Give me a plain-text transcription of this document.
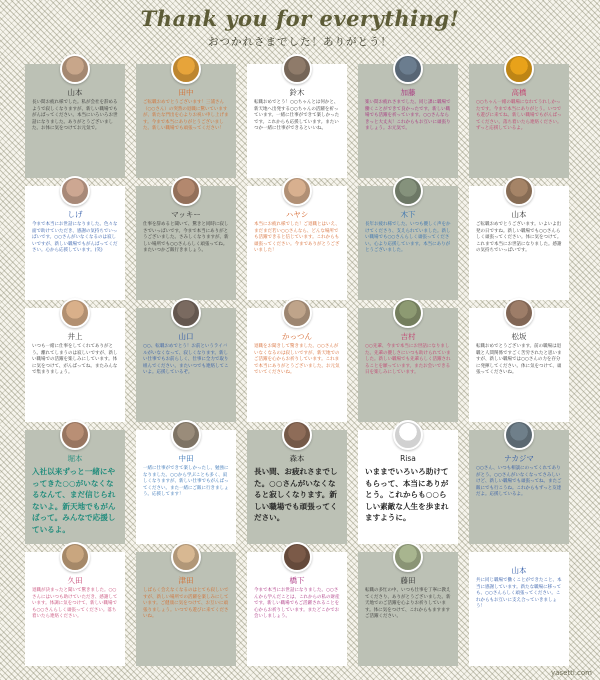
Thank you for everything!
おつかれさまでした！ありがとう！
山本
長い間お疲れ様でした。私が会社を辞めるようで寂しくなりますが、新しい職場でもがんばってください。本当にいろいろお世話になりました。ありがとうございました。お体に気をつけてお元気で。
田中
ご転職おめでとうございます！三浦さん（○○さん）の突然の退職に驚いていますが、新たな門出を心よりお祝い申し上げます。今まで本当にありがとうございました。新しい職場でも頑張ってください！
鈴木
転職おめでとう！○○ちゃんとは何かと、新天地へ出発する○○ちゃんの活躍を祈っています。一緒に仕事ができて楽しかったです。これからも応援しています。またいつか一緒に仕事ができるといいね。
加藤
楽い間お疲れさまでした。同じ課に職場で働くことができて良かったです。新しい職場でも活躍を祈っています。○○さんならきっと大丈夫！これからもお互いに頑張りましょう。お元気で。
高橋
○○ちゃん一緒の職場になれてうれしかったです。今まで本当にありがとう。いつでも遊びに来てね。新しい職場でもがんばってください。落ち着いたら連絡ください。ずっと応援しているよ。
しげ
今まで本当にお世話になりました。色々な面で助けていただき、感謝の気持ちでいっぱいです。○○さんがいなくなるのは寂しいですが、新しい職場でもがんばってください。心から応援しています。(笑)
マッキー
仕事を辞めると聞いて、驚きと同時に寂しさでいっぱいです。今まで本当にありがとうございました。さみしくなりますが、新しい場所でも○○さんらしく頑張ってね。またいつかご飯行きましょう。
ハヤシ
本当にお疲れ様でした！ご退職とはいえ、まだまだ若い○○さんなら、どんな場所でも活躍できると信じています。これからも頑張ってください。今までありがとうございました！
木下
長年お疲れ様でした。いつも優しく声をかけてくださり、支えられていました。新しい職場でも○○さんらしく頑張ってください。心より応援しています。本当にありがとうございました。
山本
ご転職おめでとうございます。いよいよ出発の日ですね。新しい職場でも○○さんらしく頑張ってください。体に気をつけて。これまで本当にお世話になりました。感謝の気持ちでいっぱいです。
井上
いつも一緒に仕事をしてくれてありがとう。離れてしまうのは寂しいですが、新しい職場での活躍を楽しみにしています。体に気をつけて、がんばってね。またみんなで集まりましょう。
山口
○○、転職おめでとう！お前というライバルがいなくなって、寂しくなります。新しい仕事でもお前らしく、仕事に全力で取り組んでください。またいつでも連絡してこいよ。応援しているぞ。
かっつん
退職をお聞きして驚きました。○○さんがいなくなるのは寂しいですが、新天地でのご活躍を心からお祈りしています。これまで本当にありがとうございました。お元気でいてくださいね。
吉村
○○先輩、今まで本当にお世話になりました。先輩の優しさにいつも助けられていました。新しい職場でも先輩らしく活躍されることを願っています。またお会いできる日を楽しみにしています。
松坂
転職おめでとうございます。前の職場は退職と人間関係ですごく苦労されたと思いますが、新しい職場では○○さんの力を存分に発揮してください。体に気をつけて、頑張ってくださいね。
堀本
入社以来ずっと一緒にやってきた○○がいなくなるなんて、まだ信じられないよ。新天地でもがんばって。みんなで応援しているよ。
中田
一緒に仕事ができて楽しかったし、勉強になりました。○○から学ぶことも多く、寂しくなりますが、新しい仕事でもがんばってください。また一緒にご飯に行きましょう。応援してます！
森本
長い間、お疲れさまでした。○○さんがいなくなると寂しくなります。新しい職場でも頑張ってください。
Risa
いままでいろいろ助けてもらって、本当にありがとう。これからも○○らしい素敵な人生を歩まれますように。
ナカジマ
○○さん、いつも相談にのってくれてありがとう。○○さんがいなくなってさみしいけど、新しい職場でも頑張ってね。またご飯にでも行こうね。これからもずっと友達だよ。応援しているよ。
久田
退職が決まったと聞いて驚きました。○○さんにはいつも助けていただき、感謝しています。体調に気をつけて、新しい職場でも○○さんらしく頑張ってください。落ち着いたら連絡ください。
津田
しばらく会えなくなるのはとても寂しいですが、新しい場所での活躍を楽しみにしています。ご健康に気をつけて、お互いに頑張りましょう。いつでも遊びに来てくださいね。
橋下
今まで本当にお世話になりました。○○さんから学んだことは、これからの私の財産です。新しい職場でもご活躍されることを心からお祈りしています。またどこかでお会いしましょう。
藤田
転職の多忙の中、いつも仕事を丁寧に教えてくださり、ありがとうございました。新天地でのご活躍を心よりお祈りしています。体に気をつけて、これからもますますご活躍ください。
山本
共に同じ職場で働くことができたこと、本当に感謝しています。新たな職場に移っても、○○さんらしく頑張ってください。これからもお互いに支え合っていきましょう！
yasetti.com
